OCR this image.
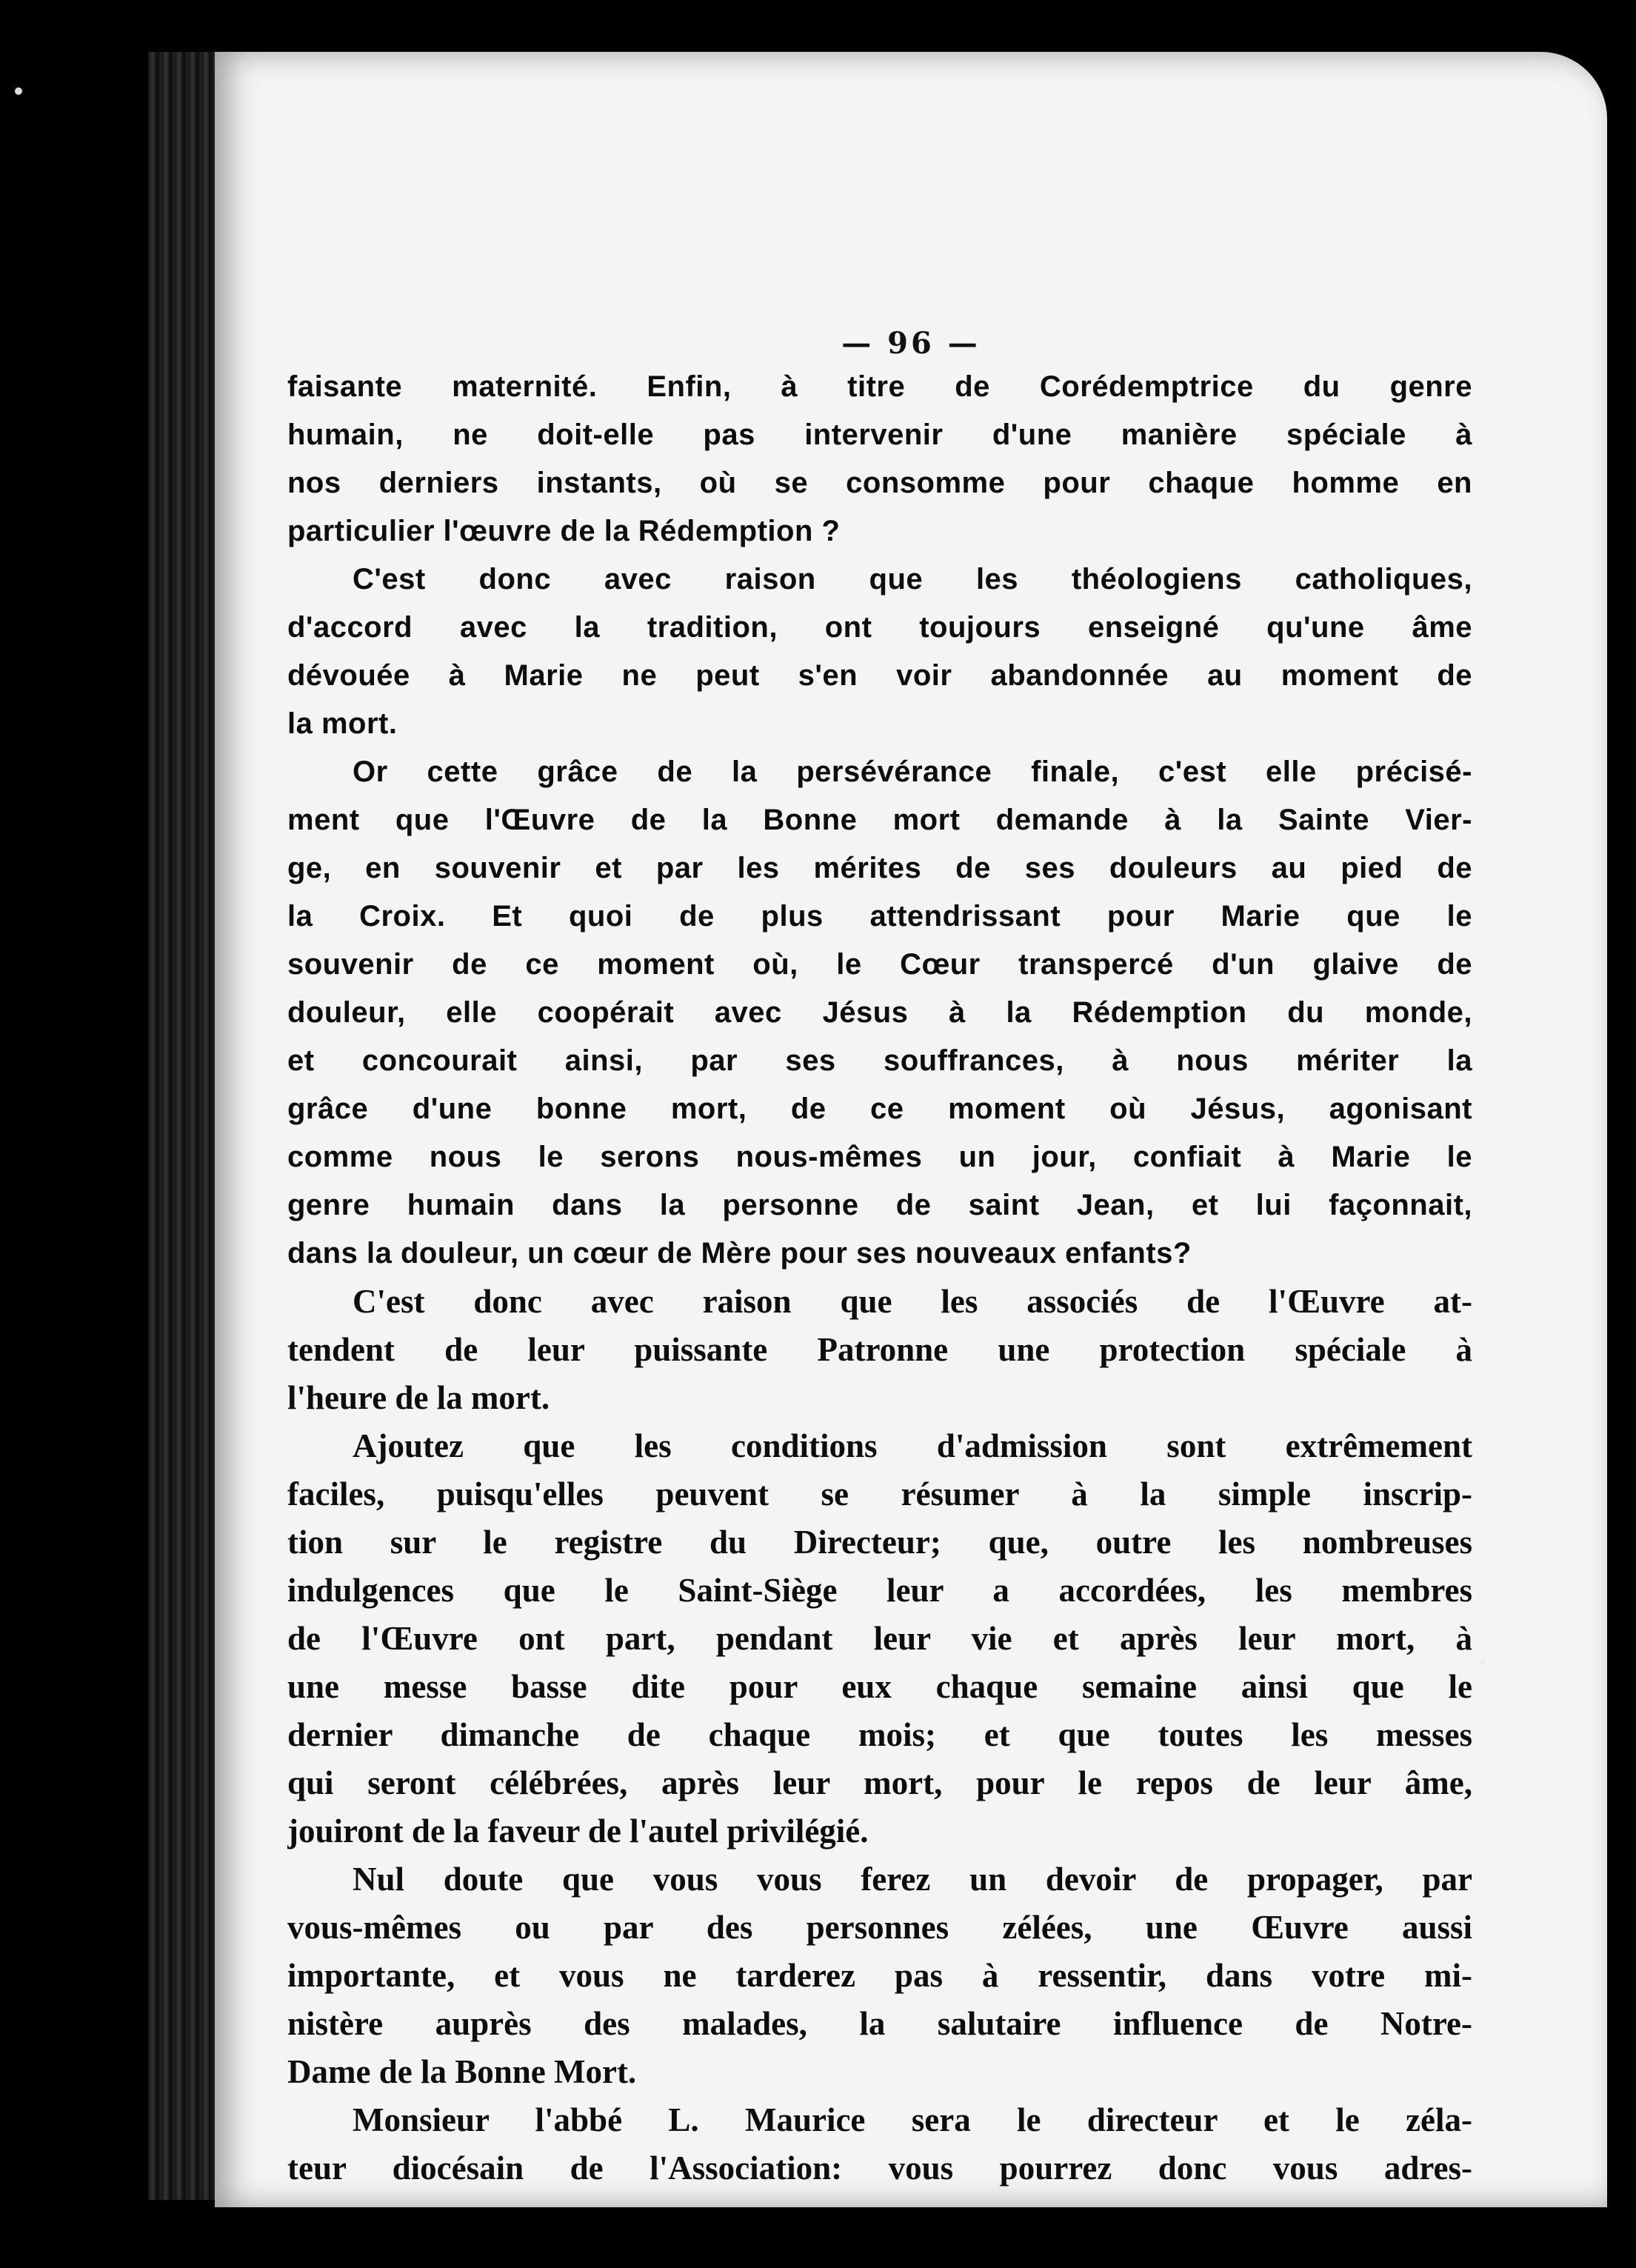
— 96 —
faisante maternité. Enfin, à titre de Corédemptrice du genre
humain, ne doit-elle pas intervenir d'une manière spéciale à
nos derniers instants, où se consomme pour chaque homme en
particulier l'œuvre de la Rédemption ?
C'est donc avec raison que les théologiens catholiques,
d'accord avec la tradition, ont toujours enseigné qu'une âme
dévouée à Marie ne peut s'en voir abandonnée au moment de
la mort.
Or cette grâce de la persévérance finale, c'est elle précisé-
ment que l'Œuvre de la Bonne mort demande à la Sainte Vier-
ge, en souvenir et par les mérites de ses douleurs au pied de
la Croix. Et quoi de plus attendrissant pour Marie que le
souvenir de ce moment où, le Cœur transpercé d'un glaive de
douleur, elle coopérait avec Jésus à la Rédemption du monde,
et concourait ainsi, par ses souffrances, à nous mériter la
grâce d'une bonne mort, de ce moment où Jésus, agonisant
comme nous le serons nous-mêmes un jour, confiait à Marie le
genre humain dans la personne de saint Jean, et lui façonnait,
dans la douleur, un cœur de Mère pour ses nouveaux enfants?
C'est donc avec raison que les associés de l'Œuvre at-
tendent de leur puissante Patronne une protection spéciale à
l'heure de la mort.
Ajoutez que les conditions d'admission sont extrêmement
faciles, puisqu'elles peuvent se résumer à la simple inscrip-
tion sur le registre du Directeur; que, outre les nombreuses
indulgences que le Saint-Siège leur a accordées, les membres
de l'Œuvre ont part, pendant leur vie et après leur mort, à
une messe basse dite pour eux chaque semaine ainsi que le
dernier dimanche de chaque mois; et que toutes les messes
qui seront célébrées, après leur mort, pour le repos de leur âme,
jouiront de la faveur de l'autel privilégié.
Nul doute que vous vous ferez un devoir de propager, par
vous-mêmes ou par des personnes zélées, une Œuvre aussi
importante, et vous ne tarderez pas à ressentir, dans votre mi-
nistère auprès des malades, la salutaire influence de Notre-
Dame de la Bonne Mort.
Monsieur l'abbé L. Maurice sera le directeur et le zéla-
teur diocésain de l'Association: vous pourrez donc vous adres-
